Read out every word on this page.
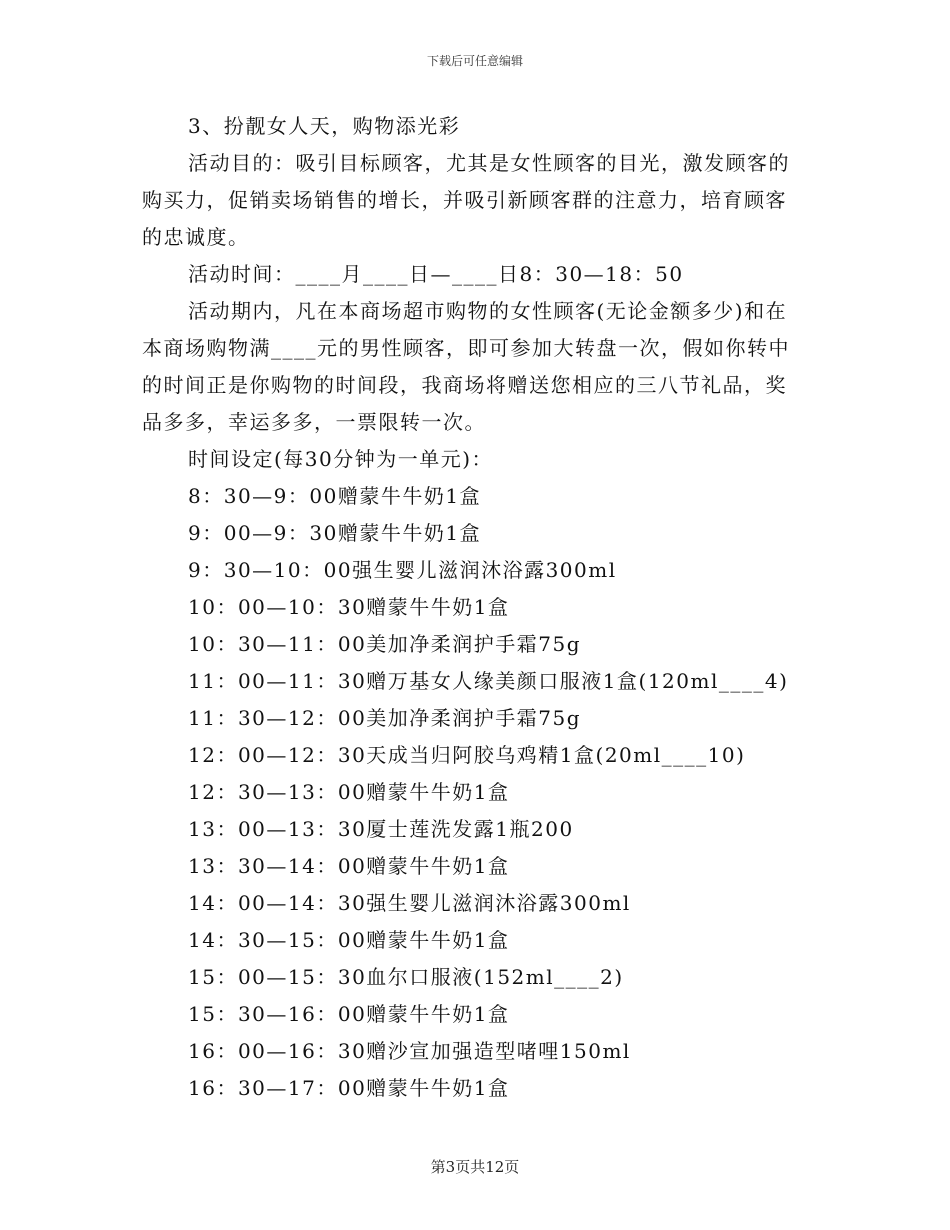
下载后可任意编辑

3、扮靓女人天，购物添光彩

活动目的：吸引目标顾客，尤其是女性顾客的目光，激发顾客的购买力，促销卖场销售的增长，并吸引新顾客群的注意力，培育顾客的忠诚度。

活动时间：____月____日—____日8：30—18：50

活动期内，凡在本商场超市购物的女性顾客(无论金额多少)和在本商场购物满____元的男性顾客，即可参加大转盘一次，假如你转中的时间正是你购物的时间段，我商场将赠送您相应的三八节礼品，奖品多多，幸运多多，一票限转一次。

时间设定(每30分钟为一单元)：

8：30—9：00赠蒙牛牛奶1盒

9：00—9：30赠蒙牛牛奶1盒

9：30—10：00强生婴儿滋润沐浴露300ml

10：00—10：30赠蒙牛牛奶1盒

10：30—11：00美加净柔润护手霜75g

11：00—11：30赠万基女人缘美颜口服液1盒(120ml____4)

11：30—12：00美加净柔润护手霜75g

12：00—12：30天成当归阿胶乌鸡精1盒(20ml____10)

12：30—13：00赠蒙牛牛奶1盒

13：00—13：30厦士莲洗发露1瓶200

13：30—14：00赠蒙牛牛奶1盒

14：00—14：30强生婴儿滋润沐浴露300ml

14：30—15：00赠蒙牛牛奶1盒

15：00—15：30血尔口服液(152ml____2)

15：30—16：00赠蒙牛牛奶1盒

16：00—16：30赠沙宣加强造型啫哩150ml

16：30—17：00赠蒙牛牛奶1盒

第3页共12页
